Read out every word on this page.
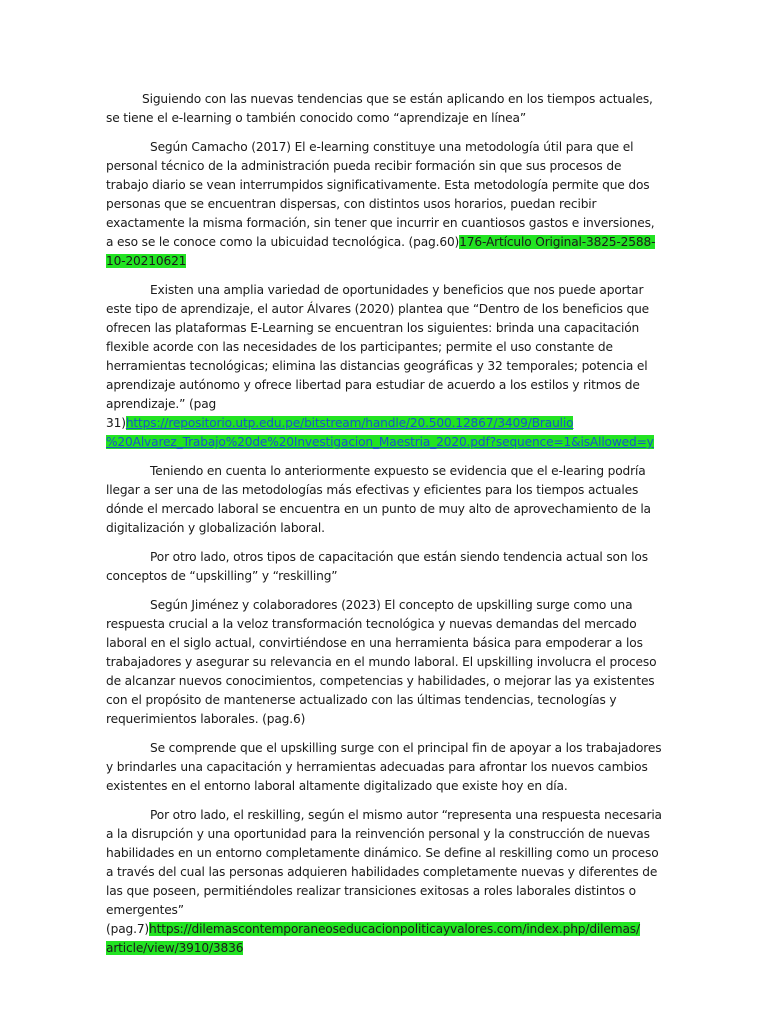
Siguiendo con las nuevas tendencias que se están aplicando en los tiempos actuales, se tiene el e-learning o también conocido como “aprendizaje en línea”

Según Camacho (2017) El e-learning constituye una metodología útil para que el personal técnico de la administración pueda recibir formación sin que sus procesos de trabajo diario se vean interrumpidos significativamente. Esta metodología permite que dos personas que se encuentran dispersas, con distintos usos horarios, puedan recibir exactamente la misma formación, sin tener que incurrir en cuantiosos gastos e inversiones, a eso se le conoce como la ubicuidad tecnológica. (pag.60)176-Artículo Original-3825-2588-10-20210621

Existen una amplia variedad de oportunidades y beneficios que nos puede aportar este tipo de aprendizaje, el autor Álvares (2020) plantea que “Dentro de los beneficios que ofrecen las plataformas E-Learning se encuentran los siguientes: brinda una capacitación flexible acorde con las necesidades de los participantes; permite el uso constante de herramientas tecnológicas; elimina las distancias geográficas y 32 temporales; potencia el aprendizaje autónomo y ofrece libertad para estudiar de acuerdo a los estilos y ritmos de aprendizaje.” (pag 31)https://repositorio.utp.edu.pe/bitstream/handle/20.500.12867/3409/Braulio
%20Alvarez_Trabajo%20de%20Investigacion_Maestria_2020.pdf?sequence=1&isAllowed=y

Teniendo en cuenta lo anteriormente expuesto se evidencia que el e-learing podría llegar a ser una de las metodologías más efectivas y eficientes para los tiempos actuales dónde el mercado laboral se encuentra en un punto de muy alto de aprovechamiento de la digitalización y globalización laboral.

Por otro lado, otros tipos de capacitación que están siendo tendencia actual son los conceptos de “upskilling” y “reskilling”

Según Jiménez y colaboradores (2023) El concepto de upskilling surge como una respuesta crucial a la veloz transformación tecnológica y nuevas demandas del mercado laboral en el siglo actual, convirtiéndose en una herramienta básica para empoderar a los trabajadores y asegurar su relevancia en el mundo laboral. El upskilling involucra el proceso de alcanzar nuevos conocimientos, competencias y habilidades, o mejorar las ya existentes con el propósito de mantenerse actualizado con las últimas tendencias, tecnologías y requerimientos laborales. (pag.6)

Se comprende que el upskilling surge con el principal fin de apoyar a los trabajadores y brindarles una capacitación y herramientas adecuadas para afrontar los nuevos cambios existentes en el entorno laboral altamente digitalizado que existe hoy en día.

Por otro lado, el reskilling, según el mismo autor “representa una respuesta necesaria a la disrupción y una oportunidad para la reinvención personal y la construcción de nuevas habilidades en un entorno completamente dinámico. Se define al reskilling como un proceso a través del cual las personas adquieren habilidades completamente nuevas y diferentes de las que poseen, permitiéndoles realizar transiciones exitosas a roles laborales distintos o emergentes” (pag.7)https://dilemascontemporaneoseducacionpoliticayvalores.com/index.php/dilemas/
article/view/3910/3836
